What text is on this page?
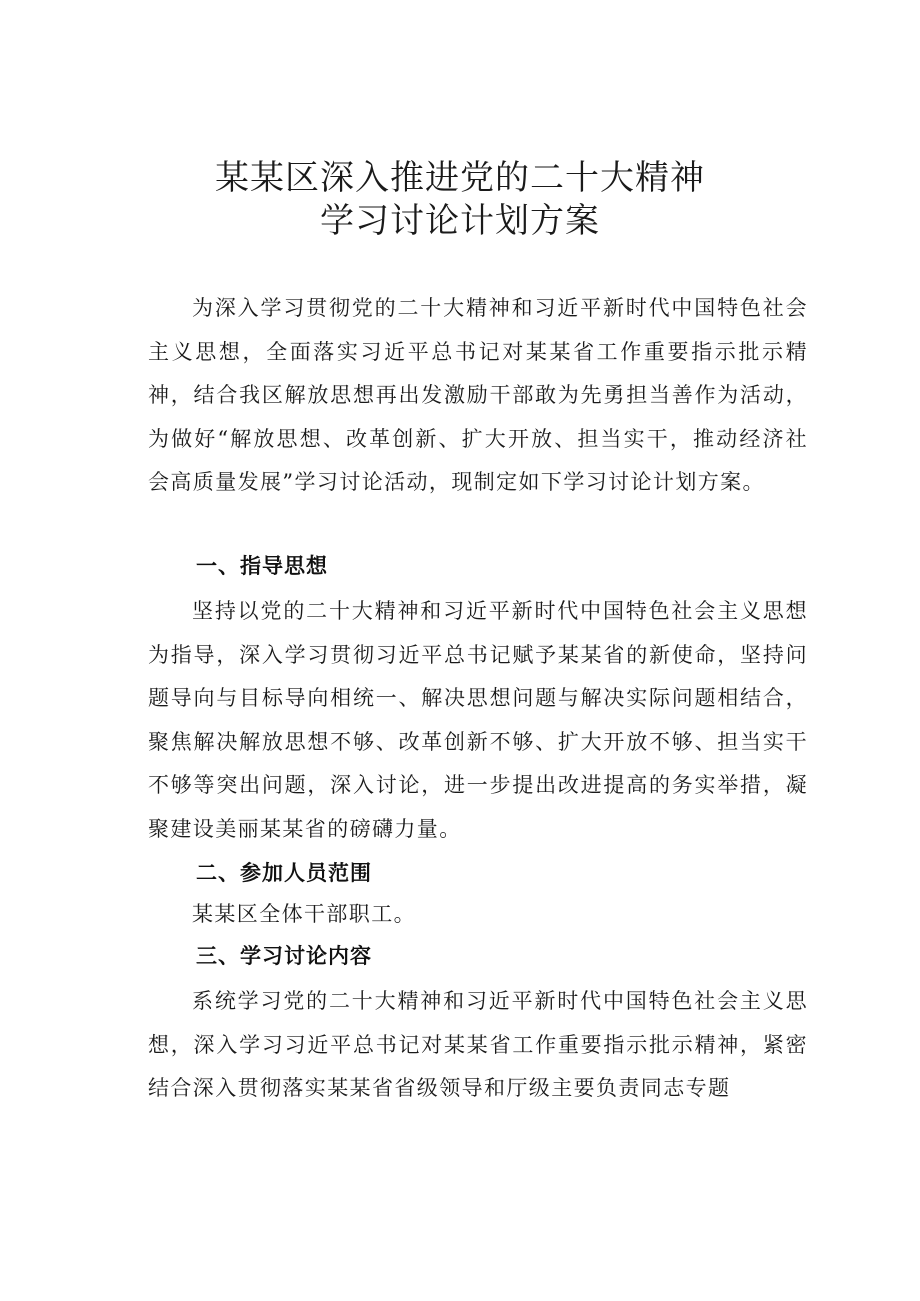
某某区深入推进党的二十大精神
学习讨论计划方案

为深入学习贯彻党的二十大精神和习近平新时代中国特色社会主义思想，全面落实习近平总书记对某某省工作重要指示批示精神，结合我区解放思想再出发激励干部敢为先勇担当善作为活动，为做好“解放思想、改革创新、扩大开放、担当实干，推动经济社会高质量发展”学习讨论活动，现制定如下学习讨论计划方案。

一、指导思想

坚持以党的二十大精神和习近平新时代中国特色社会主义思想为指导，深入学习贯彻习近平总书记赋予某某省的新使命，坚持问题导向与目标导向相统一、解决思想问题与解决实际问题相结合，聚焦解决解放思想不够、改革创新不够、扩大开放不够、担当实干不够等突出问题，深入讨论，进一步提出改进提高的务实举措，凝聚建设美丽某某省的磅礴力量。

二、参加人员范围

某某区全体干部职工。

三、学习讨论内容

系统学习党的二十大精神和习近平新时代中国特色社会主义思想，深入学习习近平总书记对某某省工作重要指示批示精神，紧密结合深入贯彻落实某某省省级领导和厅级主要负责同志专题
